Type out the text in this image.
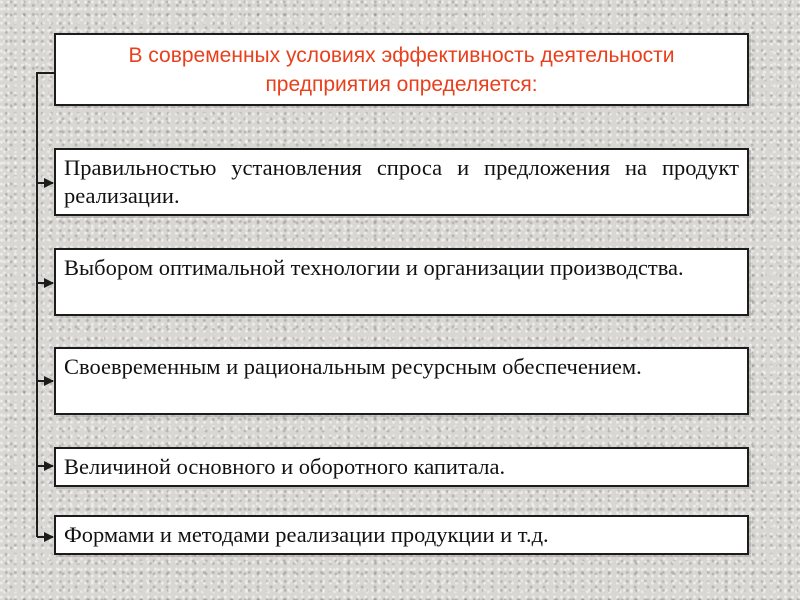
В современных условиях эффективность деятельности предприятия определяется:
Правильностью установления спроса и предложения на продукт реализации.
Выбором оптимальной технологии и организации производства.
Своевременным и рациональным ресурсным обеспечением.
Величиной основного и оборотного капитала.
Формами и методами реализации продукции и т.д.
